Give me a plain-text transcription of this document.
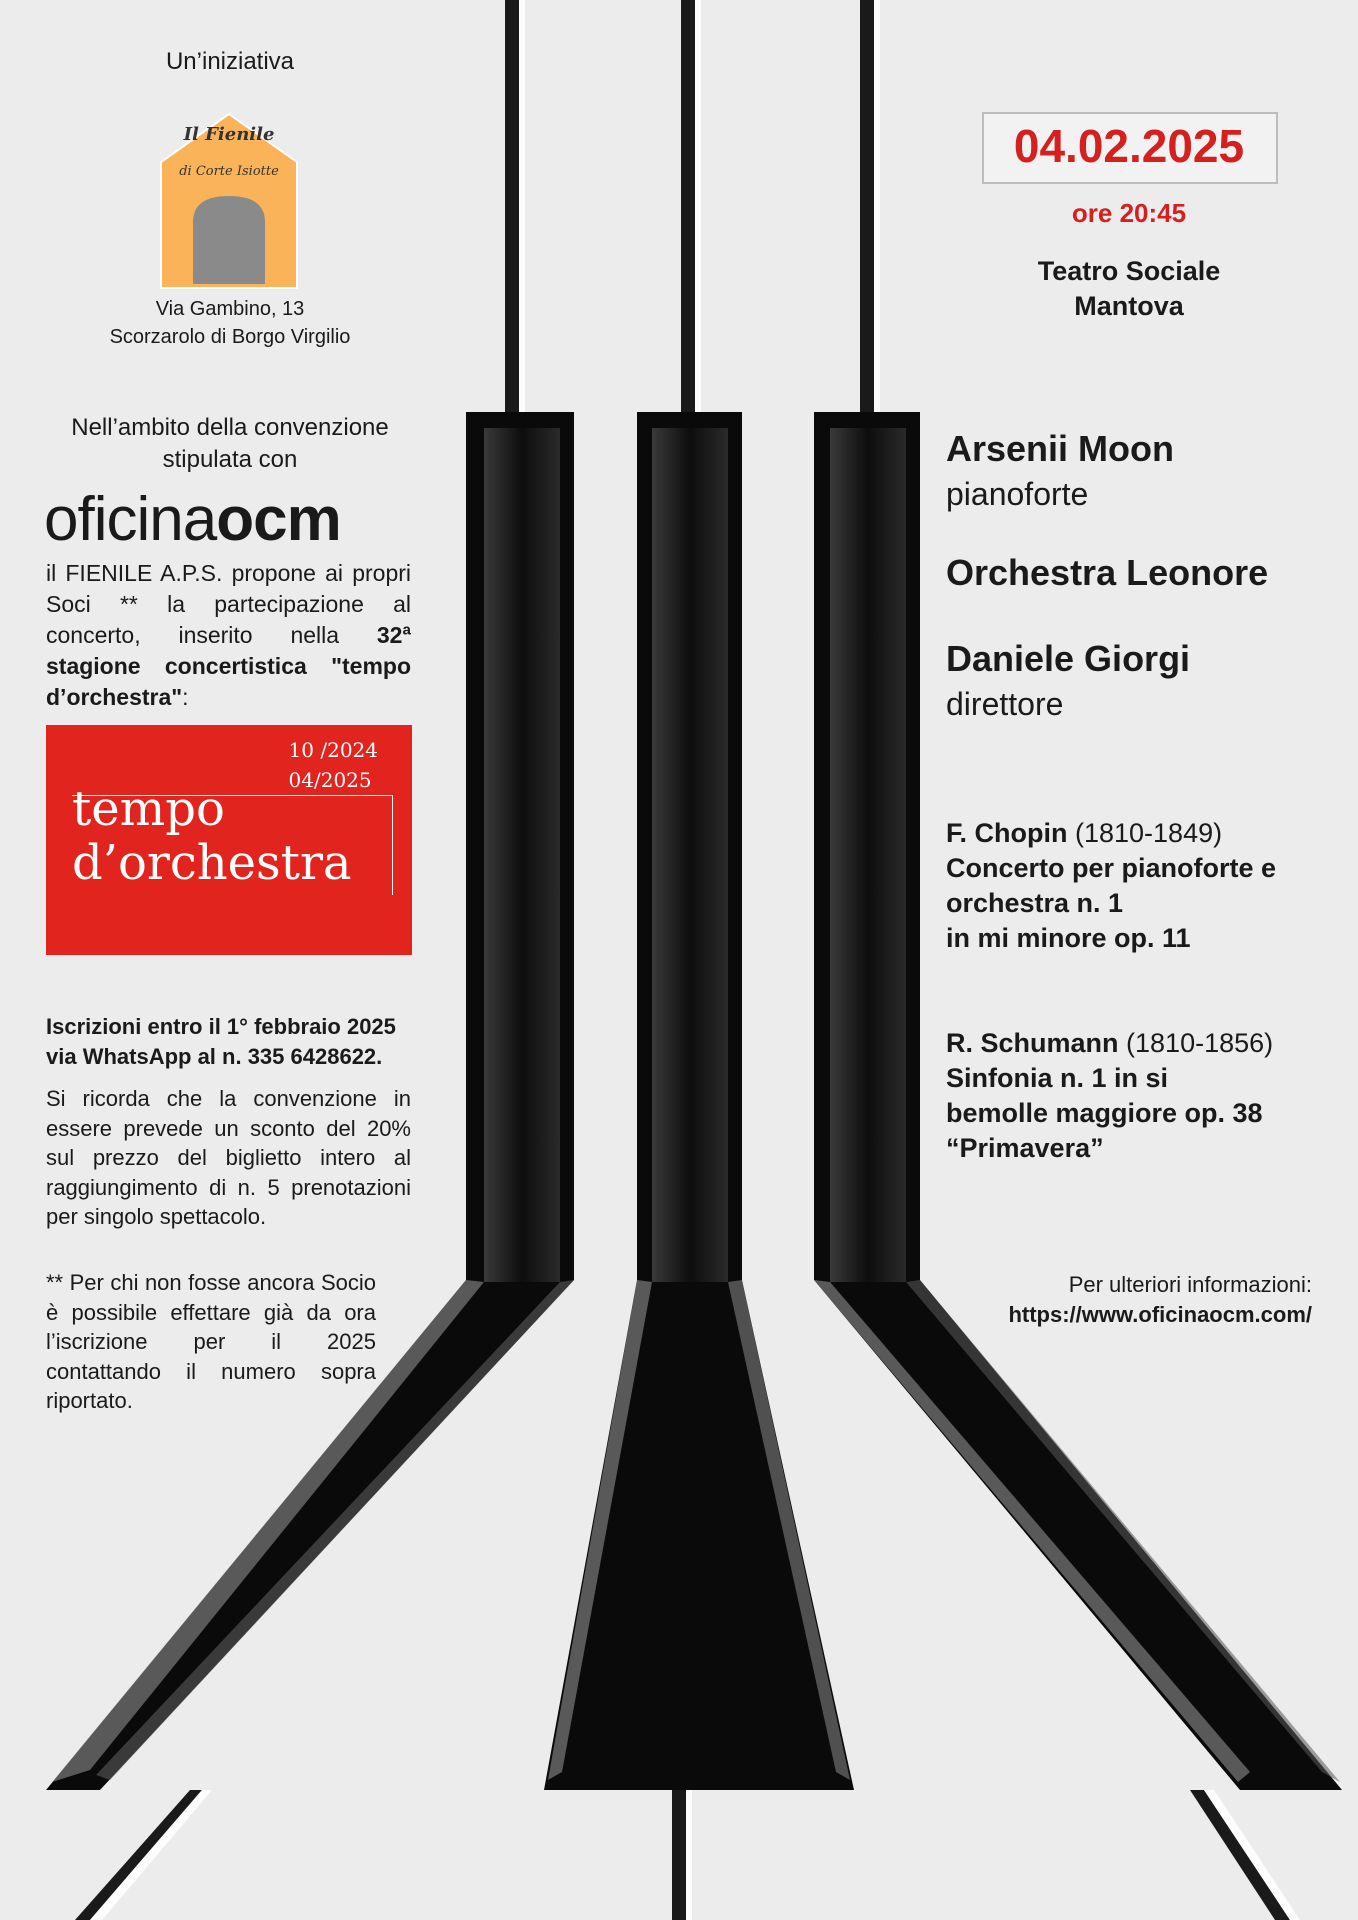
Un’iniziativa
Il Fienile
di Corte Isiotte
Via Gambino, 13
Scorzarolo di Borgo Virgilio
Nell’ambito della convenzione
stipulata con
oficinaocm
il FIENILE A.P.S. propone ai propri Soci ** la partecipazione al concerto, inserito nella 32ª stagione concertistica "tempo d’orchestra":
10 /2024
04/2025
tempo
d’orchestra
Iscrizioni entro il 1° febbraio 2025
via WhatsApp al n. 335 6428622.
Si ricorda che la convenzione in essere prevede un sconto del 20% sul prezzo del biglietto intero al raggiungimento di n. 5 prenotazioni per singolo spettacolo.
** Per chi non fosse ancora Socio è possibile effettare già da ora l’iscrizione per il 2025 contattando il numero sopra riportato.
04.02.2025
ore 20:45
Teatro Sociale
Mantova
Arsenii Moon
pianoforte
Orchestra Leonore
Daniele Giorgi
direttore
F. Chopin (1810-1849)
Concerto per pianoforte e
orchestra n. 1
in mi minore op. 11
R. Schumann (1810-1856)
Sinfonia n. 1 in si
bemolle maggiore op. 38
“Primavera”
Per ulteriori informazioni:
https://www.oficinaocm.com/
